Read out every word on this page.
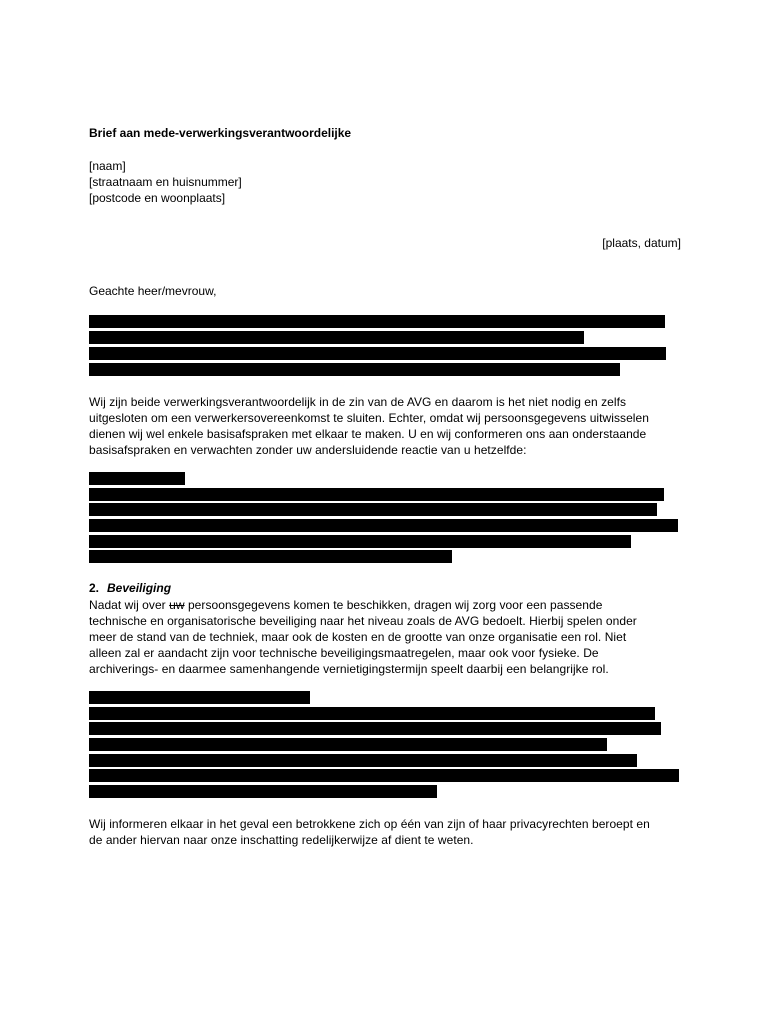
Brief aan mede-verwerkingsverantwoordelijke
[naam]
[straatnaam en huisnummer]
[postcode en woonplaats]
[plaats, datum]
Geachte heer/mevrouw,

Wij zijn beide verwerkingsverantwoordelijk in de zin van de AVG en daarom is het niet nodig en zelfs

uitgesloten om een verwerkersovereenkomst te sluiten. Echter, omdat wij persoonsgegevens uitwisselen

dienen wij wel enkele basisafspraken met elkaar te maken. U en wij conformeren ons aan onderstaande

basisafspraken en verwachten zonder uw andersluidende reactie van u hetzelfde:

2. Beveiliging

Nadat wij over uw persoonsgegevens komen te beschikken, dragen wij zorg voor een passende

technische en organisatorische beveiliging naar het niveau zoals de AVG bedoelt. Hierbij spelen onder

meer de stand van de techniek, maar ook de kosten en de grootte van onze organisatie een rol. Niet

alleen zal er aandacht zijn voor technische beveiligingsmaatregelen, maar ook voor fysieke. De

archiverings- en daarmee samenhangende vernietigingstermijn speelt daarbij een belangrijke rol.

Wij informeren elkaar in het geval een betrokkene zich op één van zijn of haar privacyrechten beroept en

de ander hiervan naar onze inschatting redelijkerwijze af dient te weten.
